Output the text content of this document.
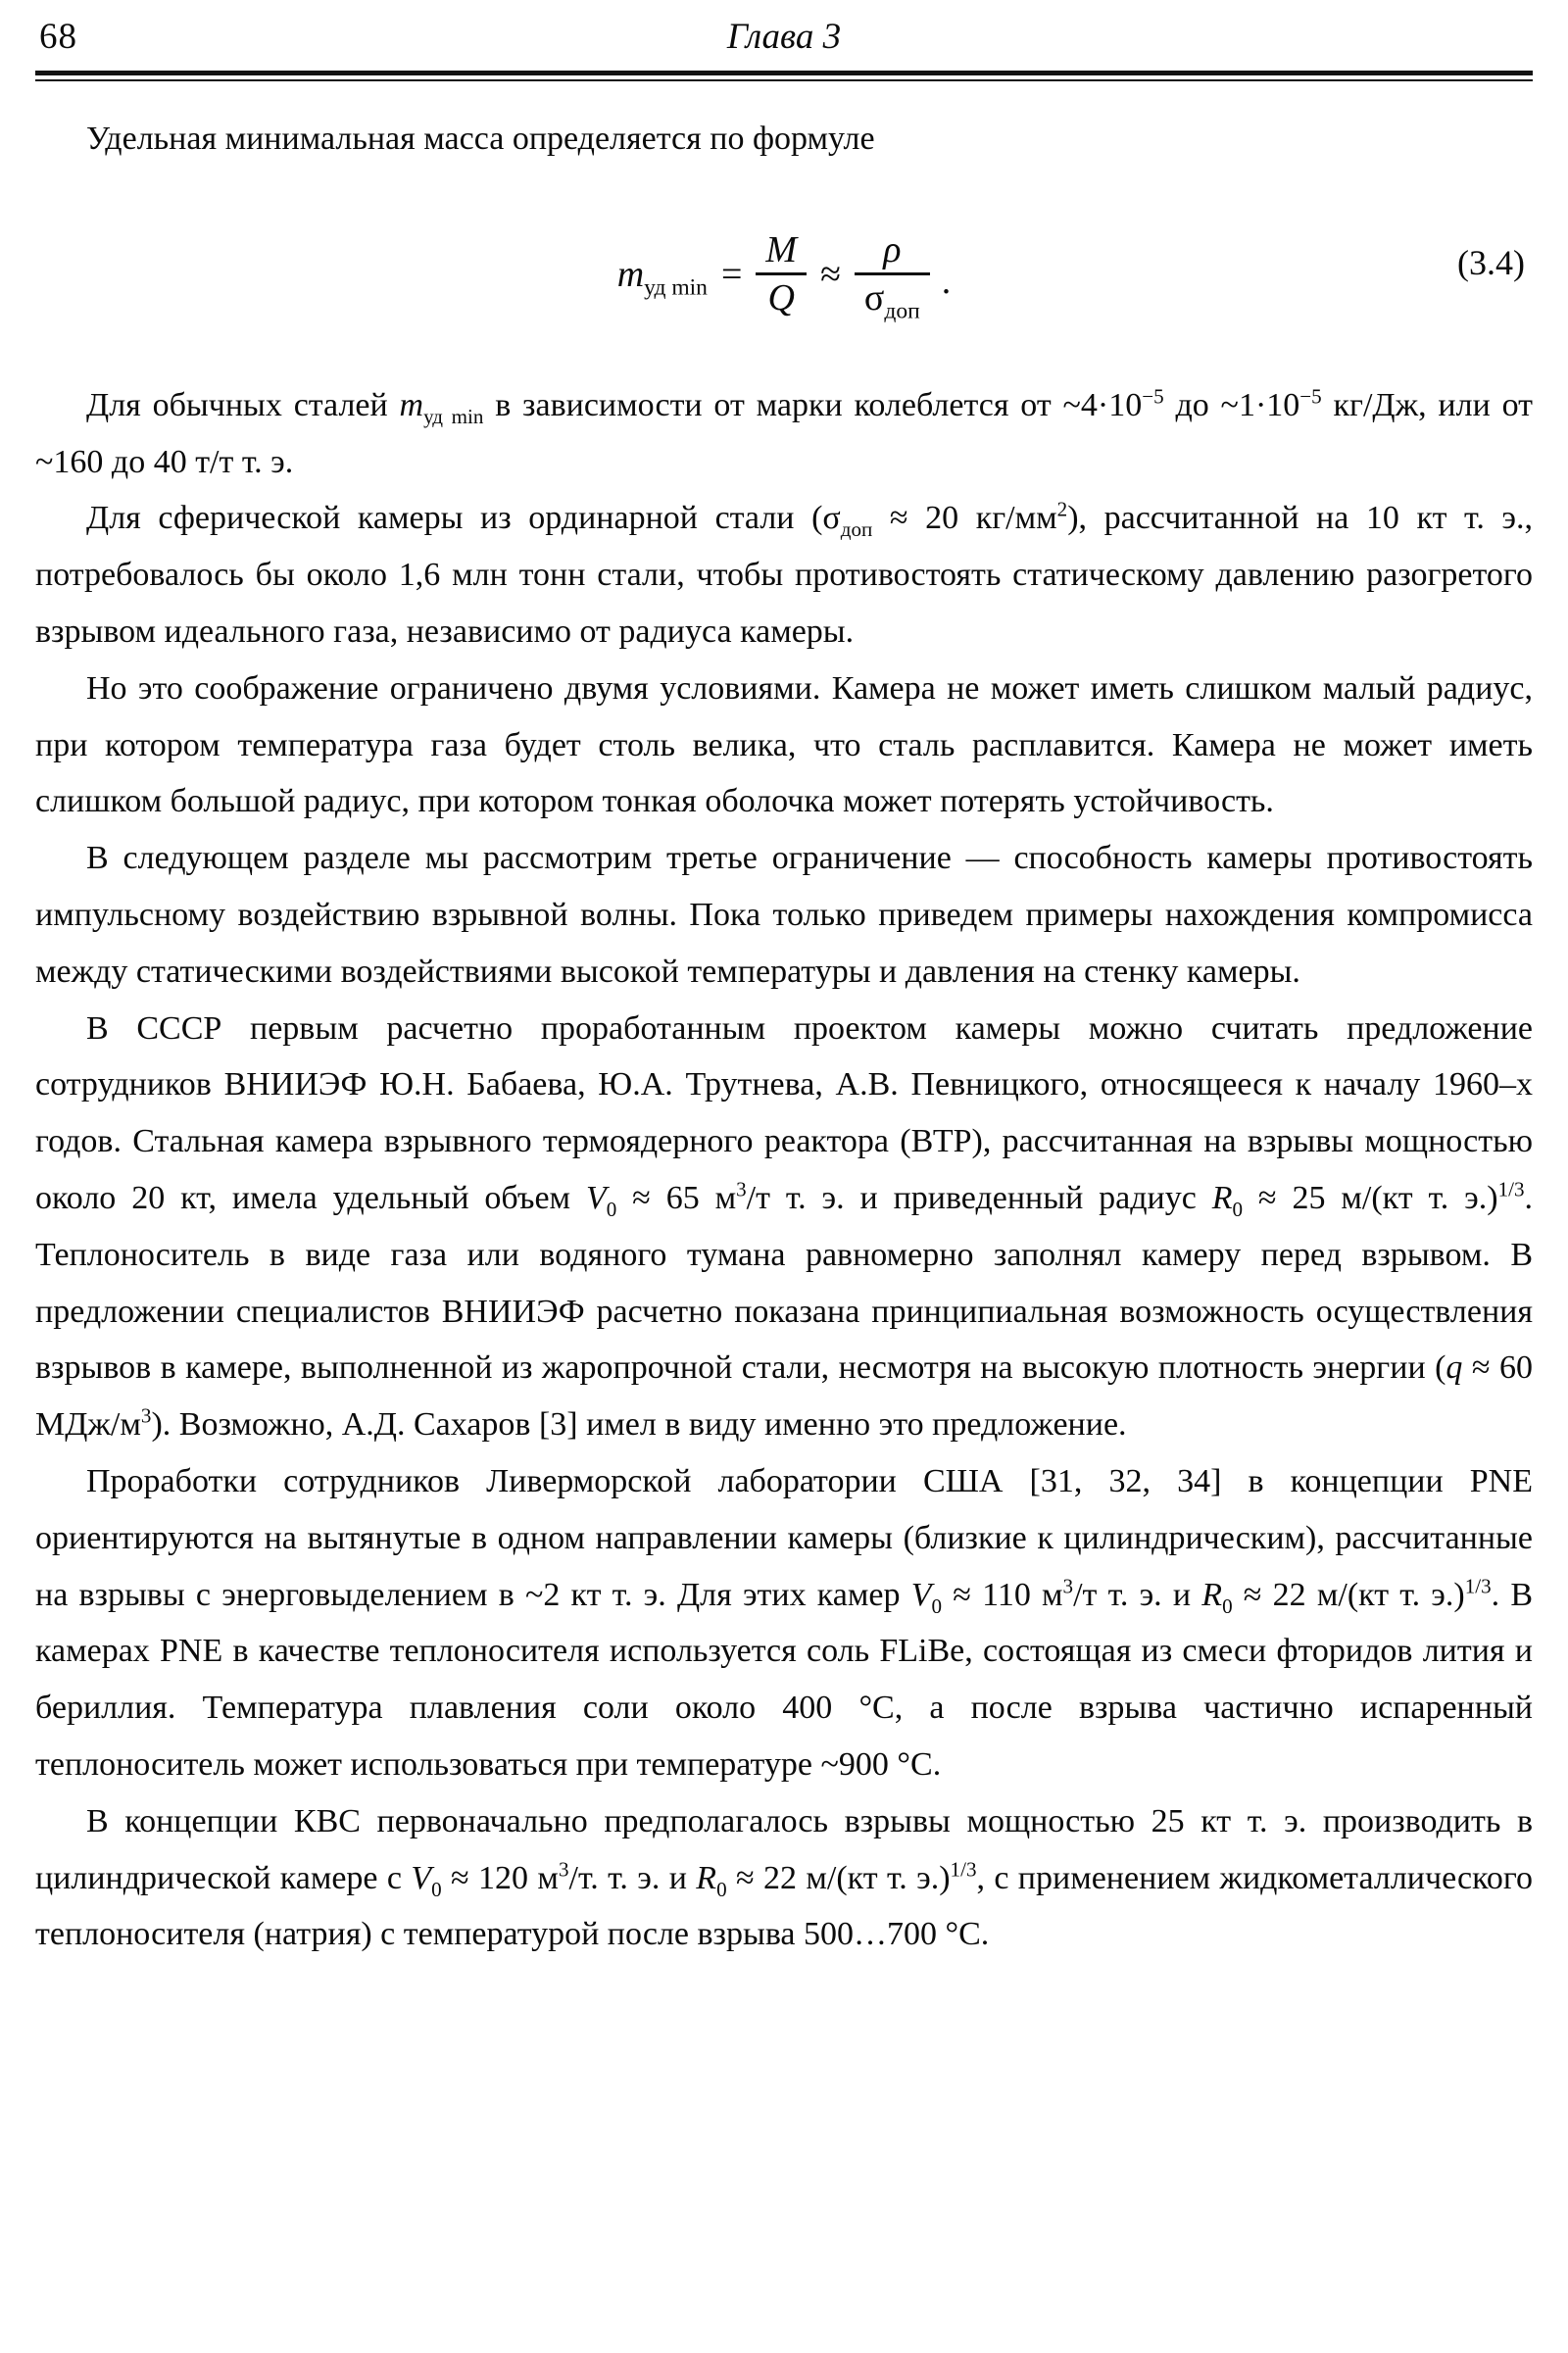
68	Глава 3

Удельная минимальная масса определяется по формуле

$m_{уд min} = \frac{M}{Q} \approx \frac{\rho}{\sigma_{доп}}$ .	(3.4)

Для обычных сталей $m_{уд min}$ в зависимости от марки колеблется от $\sim 4\cdot 10^{-5}$ до $\sim 1\cdot 10^{-5}$ кг/Дж, или от ~160 до 40 т/т т. э.

Для сферической камеры из ординарной стали ($\sigma_{доп} \approx 20$ $кг/мм^2$), рассчитанной на 10 кт т. э., потребовалось бы около 1,6 млн тонн стали, чтобы противостоять статическому давлению разогретого взрывом идеального газа, независимо от радиуса камеры.

Но это соображение ограничено двумя условиями. Камера не может иметь слишком малый радиус, при котором температура газа будет столь велика, что сталь расплавится. Камера не может иметь слишком большой радиус, при котором тонкая оболочка может потерять устойчивость.

В следующем разделе мы рассмотрим третье ограничение — способность камеры противостоять импульсному воздействию взрывной волны. Пока только приведем примеры нахождения компромисса между статическими воздействиями высокой температуры и давления на стенку камеры.

В СССР первым расчетно проработанным проектом камеры можно считать предложение сотрудников ВНИИЭФ Ю.Н. Бабаева, Ю.А. Трутнева, А.В. Певницкого, относящееся к началу 1960–х годов. Стальная камера взрывного термоядерного реактора (ВТР), рассчитанная на взрывы мощностью около 20 кт, имела удельный объем $V_0 \approx 65$ $м^3/т$ т. э. и приведенный радиус $R_0 \approx 25$ м/(кт т. э.)$^{1/3}$. Теплоноситель в виде газа или водяного тумана равномерно заполнял камеру перед взрывом. В предложении специалистов ВНИИЭФ расчетно показана принципиальная возможность осуществления взрывов в камере, выполненной из жаропрочной стали, несмотря на высокую плотность энергии (q ≈ 60 МДж/$м^3$). Возможно, А.Д. Сахаров [3] имел в виду именно это предложение.

Проработки сотрудников Ливерморской лаборатории США [31, 32, 34] в концепции PNE ориентируются на вытянутые в одном направлении камеры (близкие к цилиндрическим), рассчитанные на взрывы с энерговыделением в ~2 кт т. э. Для этих камер $V_0 \approx 110$ $м^3/т$ т. э. и $R_0 \approx 22$ м/(кт т. э.)$^{1/3}$. В камерах PNE в качестве теплоносителя используется соль FLiBe, состоящая из смеси фторидов лития и бериллия. Температура плавления соли около 400 °С, а после взрыва частично испаренный теплоноситель может использоваться при температуре ~900 °С.

В концепции КВС первоначально предполагалось взрывы мощностью 25 кт т. э. производить в цилиндрической камере с $V_0 \approx 120$ $м^3/т$. т. э. и $R_0 \approx 22$ м/(кт т. э.)$^{1/3}$, с применением жидкометаллического теплоносителя (натрия) с температурой после взрыва 500…700 °С.
